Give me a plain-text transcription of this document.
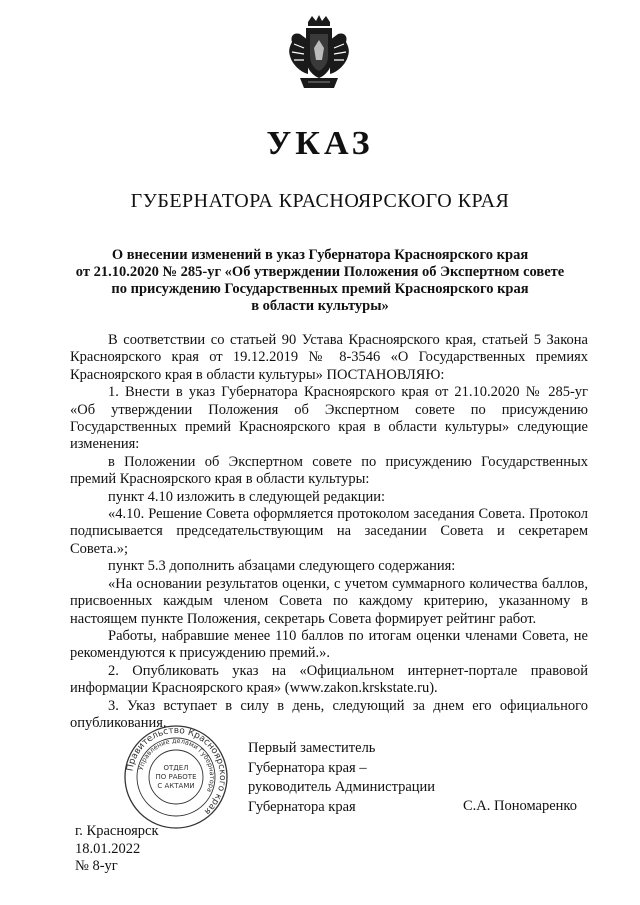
УКАЗ
ГУБЕРНАТОРА КРАСНОЯРСКОГО КРАЯ
О внесении изменений в указ Губернатора Красноярского края
от 21.10.2020 № 285-уг «Об утверждении Положения об Экспертном совете
по присуждению Государственных премий Красноярского края
в области культуры»

В соответствии со статьей 90 Устава Красноярского края, статьей 5 Закона Красноярского края от 19.12.2019 № 8-3546 «О Государственных премиях Красноярского края в области культуры» ПОСТАНОВЛЯЮ:

1. Внести в указ Губернатора Красноярского края от 21.10.2020 № 285-уг «Об утверждении Положения об Экспертном совете по присуждению Государственных премий Красноярского края в области культуры» следующие изменения:

в Положении об Экспертном совете по присуждению Государственных премий Красноярского края в области культуры:

пункт 4.10 изложить в следующей редакции:

«4.10. Решение Совета оформляется протоколом заседания Совета. Протокол подписывается председательствующим на заседании Совета и секретарем Совета.»;

пункт 5.3 дополнить абзацами следующего содержания:

«На основании результатов оценки, с учетом суммарного количества баллов, присвоенных каждым членом Совета по каждому критерию, указанному в настоящем пункте Положения, секретарь Совета формирует рейтинг работ.

Работы, набравшие менее 110 баллов по итогам оценки членами Совета, не рекомендуются к присуждению премий.».

2. Опубликовать указ на «Официальном интернет-портале правовой информации Красноярского края» (www.zakon.krskstate.ru).

3. Указ вступает в силу в день, следующий за днем его официального опубликования.

Правительство Красноярского края
Управление делами Губернатора
ОТДЕЛ
ПО РАБОТЕ
С АКТАМИ
Первый заместитель
Губернатора края –
руководитель Администрации
Губернатора края	С.А. Пономаренко
г. Красноярск
18.01.2022
№ 8-уг
